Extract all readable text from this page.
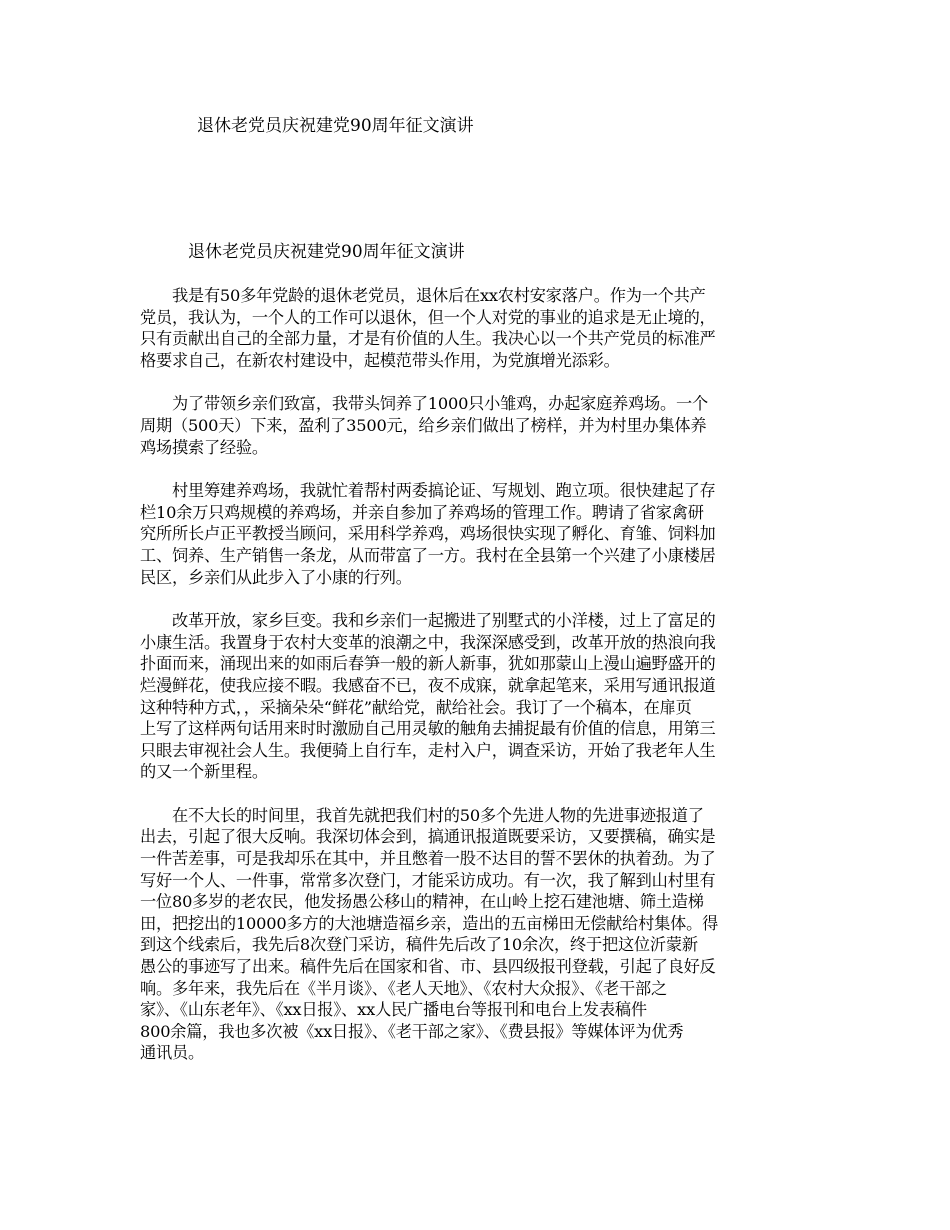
退休老党员庆祝建党90周年征文演讲
退休老党员庆祝建党90周年征文演讲
　　我是有50多年党龄的退休老党员，退休后在xx农村安家落户。作为一个共产
党员，我认为，一个人的工作可以退休，但一个人对党的事业的追求是无止境的，
只有贡献出自己的全部力量，才是有价值的人生。我决心以一个共产党员的标准严
格要求自己，在新农村建设中，起模范带头作用，为党旗增光添彩。
　　为了带领乡亲们致富，我带头饲养了1000只小雏鸡，办起家庭养鸡场。一个
周期（500天）下来，盈利了3500元，给乡亲们做出了榜样，并为村里办集体养
鸡场摸索了经验。
　　村里筹建养鸡场，我就忙着帮村两委搞论证、写规划、跑立项。很快建起了存
栏10余万只鸡规模的养鸡场，并亲自参加了养鸡场的管理工作。聘请了省家禽研
究所所长卢正平教授当顾问，采用科学养鸡，鸡场很快实现了孵化、育雏、饲料加
工、饲养、生产销售一条龙，从而带富了一方。我村在全县第一个兴建了小康楼居
民区，乡亲们从此步入了小康的行列。
　　改革开放，家乡巨变。我和乡亲们一起搬进了别墅式的小洋楼，过上了富足的
小康生活。我置身于农村大变革的浪潮之中，我深深感受到，改革开放的热浪向我
扑面而来，涌现出来的如雨后春笋一般的新人新事，犹如那蒙山上漫山遍野盛开的
烂漫鲜花，使我应接不暇。我感奋不已，夜不成寐，就拿起笔来，采用写通讯报道
这种特种方式，，采摘朵朵“鲜花”献给党，献给社会。我订了一个稿本，在扉页
上写了这样两句话用来时时激励自己用灵敏的触角去捕捉最有价值的信息，用第三
只眼去审视社会人生。我便骑上自行车，走村入户，调查采访，开始了我老年人生
的又一个新里程。
　　在不大长的时间里，我首先就把我们村的50多个先进人物的先进事迹报道了
出去，引起了很大反响。我深切体会到，搞通讯报道既要采访，又要撰稿，确实是
一件苦差事，可是我却乐在其中，并且憋着一股不达目的誓不罢休的执着劲。为了
写好一个人、一件事，常常多次登门，才能采访成功。有一次，我了解到山村里有
一位80多岁的老农民，他发扬愚公移山的精神，在山岭上挖石建池塘、筛土造梯
田，把挖出的10000多方的大池塘造福乡亲，造出的五亩梯田无偿献给村集体。得
到这个线索后，我先后8次登门采访，稿件先后改了10余次，终于把这位沂蒙新
愚公的事迹写了出来。稿件先后在国家和省、市、县四级报刊登载，引起了良好反
响。多年来，我先后在《半月谈》、《老人天地》、《农村大众报》、《老干部之
家》、《山东老年》、《xx日报》、xx人民广播电台等报刊和电台上发表稿件
800余篇，我也多次被《xx日报》、《老干部之家》、《费县报》等媒体评为优秀
通讯员。
